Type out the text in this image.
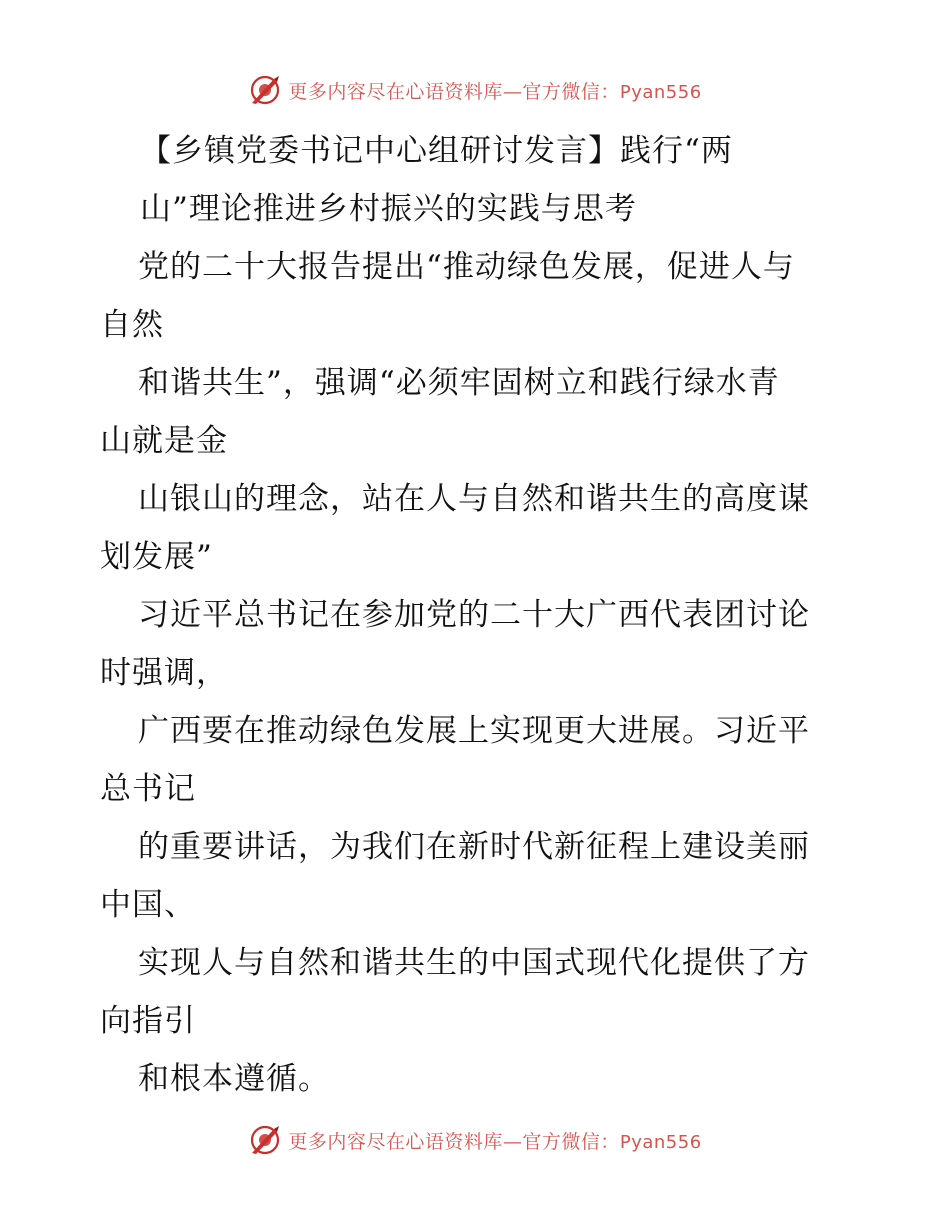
更多内容尽在心语资料库—官方微信：Pyan556
【乡镇党委书记中心组研讨发言】践行“两
山”理论推进乡村振兴的实践与思考
党的二十大报告提出“推动绿色发展，促进人与
自然
和谐共生”，强调“必须牢固树立和践行绿水青
山就是金
山银山的理念，站在人与自然和谐共生的高度谋
划发展”
习近平总书记在参加党的二十大广西代表团讨论
时强调，
广西要在推动绿色发展上实现更大进展。习近平
总书记
的重要讲话，为我们在新时代新征程上建设美丽
中国、
实现人与自然和谐共生的中国式现代化提供了方
向指引
和根本遵循。
更多内容尽在心语资料库—官方微信：Pyan556
